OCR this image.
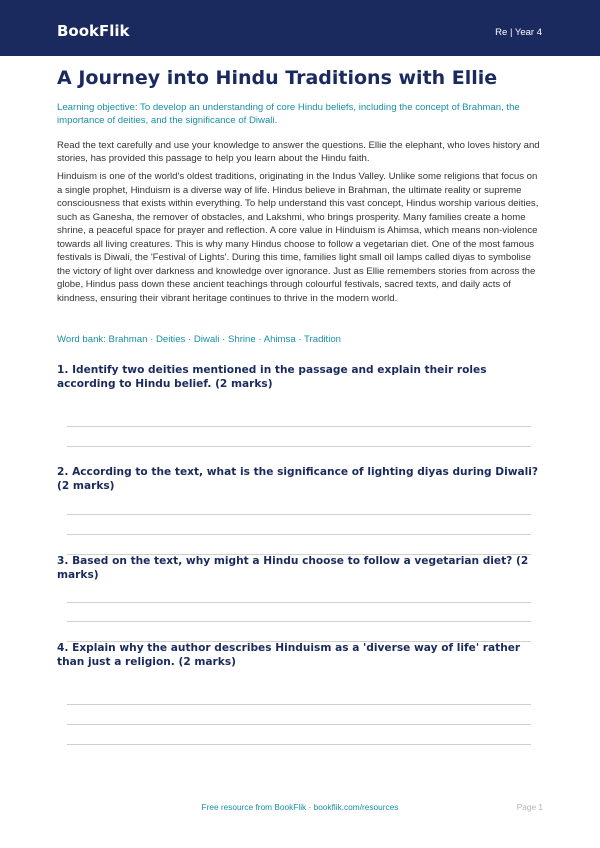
BookFlik	Re | Year 4
A Journey into Hindu Traditions with Ellie
Learning objective: To develop an understanding of core Hindu beliefs, including the concept of Brahman, the importance of deities, and the significance of Diwali.
Read the text carefully and use your knowledge to answer the questions. Ellie the elephant, who loves history and stories, has provided this passage to help you learn about the Hindu faith.
Hinduism is one of the world's oldest traditions, originating in the Indus Valley. Unlike some religions that focus on a single prophet, Hinduism is a diverse way of life. Hindus believe in Brahman, the ultimate reality or supreme consciousness that exists within everything. To help understand this vast concept, Hindus worship various deities, such as Ganesha, the remover of obstacles, and Lakshmi, who brings prosperity. Many families create a home shrine, a peaceful space for prayer and reflection. A core value in Hinduism is Ahimsa, which means non-violence towards all living creatures. This is why many Hindus choose to follow a vegetarian diet. One of the most famous festivals is Diwali, the 'Festival of Lights'. During this time, families light small oil lamps called diyas to symbolise the victory of light over darkness and knowledge over ignorance. Just as Ellie remembers stories from across the globe, Hindus pass down these ancient teachings through colourful festivals, sacred texts, and daily acts of kindness, ensuring their vibrant heritage continues to thrive in the modern world.
Word bank: Brahman · Deities · Diwali · Shrine · Ahimsa · Tradition
1. Identify two deities mentioned in the passage and explain their roles according to Hindu belief. (2 marks)
2. According to the text, what is the significance of lighting diyas during Diwali? (2 marks)
3. Based on the text, why might a Hindu choose to follow a vegetarian diet? (2 marks)
4. Explain why the author describes Hinduism as a 'diverse way of life' rather than just a religion. (2 marks)
Free resource from BookFlik · bookflik.com/resources	Page 1
